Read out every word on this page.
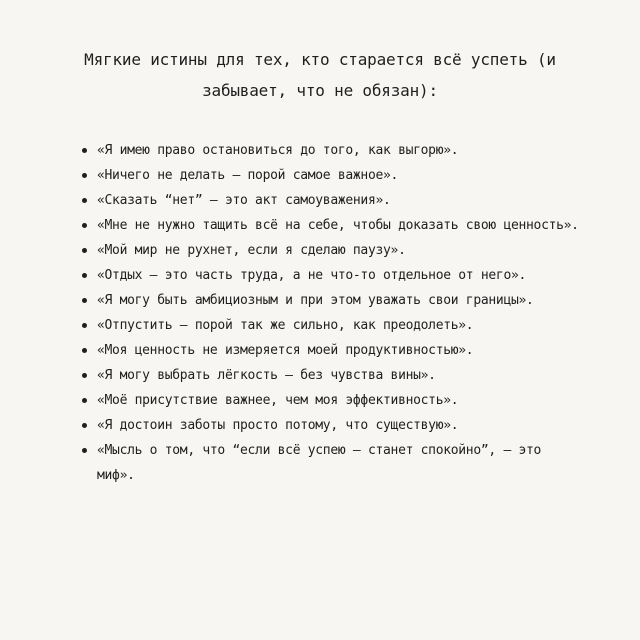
Мягкие истины для тех, кто старается всё успеть (и забывает, что не обязан):
«Я имею право остановиться до того, как выгорю».
«Ничего не делать — порой самое важное».
«Сказать “нет” — это акт самоуважения».
«Мне не нужно тащить всё на себе, чтобы доказать свою ценность».
«Мой мир не рухнет, если я сделаю паузу».
«Отдых — это часть труда, а не что-то отдельное от него».
«Я могу быть амбициозным и при этом уважать свои границы».
«Отпустить — порой так же сильно, как преодолеть».
«Моя ценность не измеряется моей продуктивностью».
«Я могу выбрать лёгкость — без чувства вины».
«Моё присутствие важнее, чем моя эффективность».
«Я достоин заботы просто потому, что существую».
«Мысль о том, что “если всё успею — станет спокойно”, — это миф».
